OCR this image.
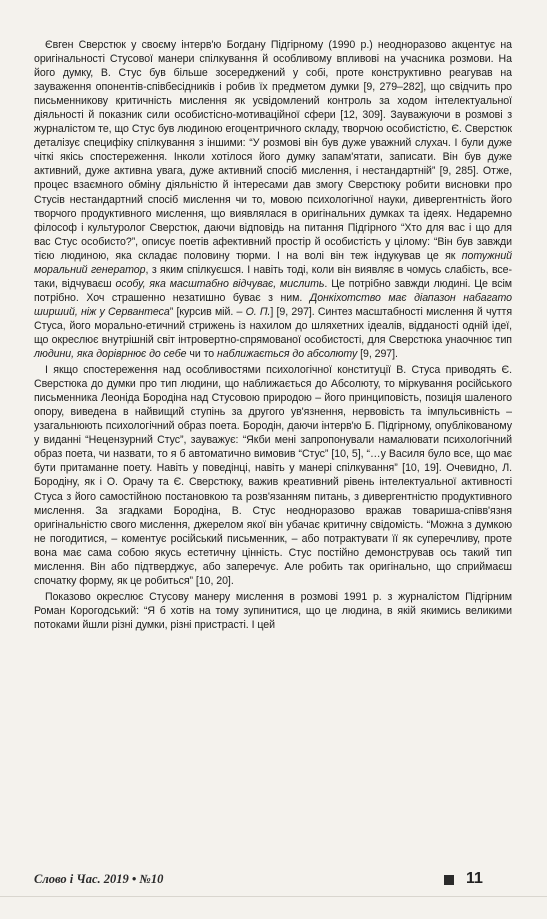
Євген Сверстюк у своєму інтерв'ю Богдану Підгірному (1990 р.) неодноразово акцентує на оригінальності Стусової манери спілкування й особливому впливові на учасника розмови. На його думку, В. Стус був більше зосереджений у собі, проте конструктивно реагував на зауваження опонентів-співбесідників і робив їх предметом думки [9, 279–282], що свідчить про письменникову критичність мислення як усвідомлений контроль за ходом інтелектуальної діяльності й показник сили особистісно-мотиваційної сфери [12, 309]. Зауважуючи в розмові з журналістом те, що Стус був людиною егоцентричного складу, творчою особистістю, Є. Сверстюк деталізує специфіку спілкування з іншими: “У розмові він був дуже уважний слухач. І були дуже чіткі якісь спостереження. Інколи хотілося його думку запам'ятати, записати. Він був дуже активний, дуже активна увага, дуже активний спосіб мислення, і нестандартній” [9, 285]. Отже, процес взаємного обміну діяльністю й інтересами дав змогу Сверстюку робити висновки про Стусів нестандартний спосіб мислення чи то, мовою психологічної науки, дивергентність його творчого продуктивного мислення, що виявлялася в оригінальних думках та ідеях. Недаремно філософ і культуролог Сверстюк, даючи відповідь на питання Підгірного “Хто для вас і що для вас Стус особисто?”, описує поетів афективний простір й особистість у цілому: “Він був завжди тією людиною, яка складає половину тюрми. І на волі він теж індукував це як потужний моральний генератор, з яким спілкуєшся. І навіть тоді, коли він виявляє в чомусь слабість, все-таки, відчуваєш особу, яка масштабно відчуває, мислить. Це потрібно завжди людині. Це всім потрібно. Хоч страшенно незатишно буває з ним. Донкіхотство має діапазон набагато ширший, ніж у Сервантеса” [курсив мій. – О. П.] [9, 297]. Синтез масштабності мислення й чуття Стуса, його морально-етичний стрижень із нахилом до шляхетних ідеалів, відданості одній ідеї, що окреслює внутрішній світ інтровертно-спрямованої особистості, для Сверстюка унаочнює тип людини, яка доріврнює до себе чи то наближається до абсолюту [9, 297].

І якщо спостереження над особливостями психологічної конституції В. Стуса приводять Є. Сверстюка до думки про тип людини, що наближається до Абсолюту, то міркування російського письменника Леоніда Бородіна над Стусовою природою – його принциповість, позиція шаленого опору, виведена в найвищий ступінь за другого ув'язнення, нервовість та імпульсивність – узагальнюють психологічний образ поета. Бородін, даючи інтерв'ю Б. Підгірному, опублікованому у виданні “Нецензурний Стус”, зауважує: “Якби мені запропонували намалювати психологічний образ поета, чи назвати, то я б автоматично вимовив “Стус” [10, 5], “…у Василя було все, що має бути притаманне поету. Навіть у поведінці, навіть у манері спілкування” [10, 19]. Очевидно, Л. Бородіну, як і О. Орачу та Є. Сверстюку, важив креативний рівень інтелектуальної активності Стуса з його самостійною постановкою та розв'язанням питань, з дивергентністю продуктивного мислення. За згадками Бородіна, В. Стус неодноразово вражав товариша-співв'язня оригінальністю свого мислення, джерелом якої він убачає критичну свідомість. “Можна з думкою не погодитися, – коментує російський письменник, – або потрактувати її як суперечливу, проте вона має сама собою якусь естетичну цінність. Стус постійно демонстрував ось такий тип мислення. Він або підтверджує, або заперечує. Але робить так оригінально, що сприймаєш спочатку форму, як це робиться” [10, 20].

Показово окреслює Стусову манеру мислення в розмові 1991 р. з журналістом Підгірним Роман Корогодський: “Я б хотів на тому зупинитися, що це людина, в якій якимись великими потоками йшли різні думки, різні пристрасті. І цей

Слово і Час. 2019 • №10	11
